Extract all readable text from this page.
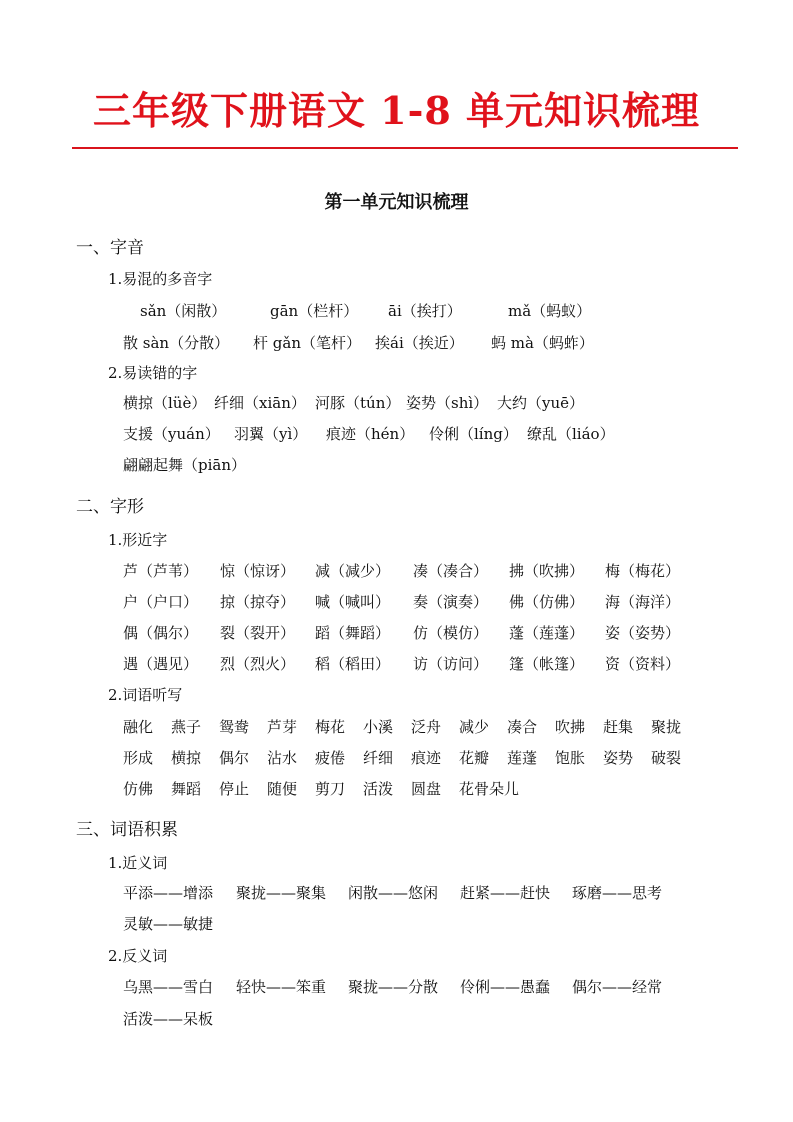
三年级下册语文 1-8 单元知识梳理
第一单元知识梳理
一、字音
1.易混的多音字
sǎn（闲散）	gān（栏杆） āi（挨打）	mǎ（蚂蚁）
散 sàn（分散） 杆 gǎn（笔杆） 挨ái（挨近） 蚂 mà（蚂蚱）
2.易读错的字
横掠（lüè） 纤细（xiān） 河豚（tún） 姿势（shì） 大约（yuē）
支援（yuán） 羽翼（yì） 痕迹（hén） 伶俐（líng） 缭乱（liáo）
翩翩起舞（piān）
二、字形
1.形近字
芦（芦苇） 惊（惊讶） 减（减少） 凑（凑合） 拂（吹拂） 梅（梅花）
户（户口） 掠（掠夺） 喊（喊叫） 奏（演奏） 佛（仿佛） 海（海洋）
偶（偶尔） 裂（裂开） 蹈（舞蹈） 仿（模仿） 蓬（莲蓬） 姿（姿势）
遇（遇见） 烈（烈火） 稻（稻田） 访（访问） 篷（帐篷） 资（资料）
2.词语听写
融化 燕子 鸳鸯 芦芽 梅花 小溪 泛舟 减少 凑合 吹拂 赶集 聚拢
形成 横掠 偶尔 沾水 疲倦 纤细 痕迹 花瓣 莲蓬 饱胀 姿势 破裂
仿佛 舞蹈 停止 随便 剪刀 活泼 圆盘 花骨朵儿
三、词语积累
1.近义词
平添——增添 聚拢——聚集 闲散——悠闲 赶紧——赶快 琢磨——思考
灵敏——敏捷
2.反义词
乌黑——雪白 轻快——笨重 聚拢——分散 伶俐——愚蠢 偶尔——经常
活泼——呆板
